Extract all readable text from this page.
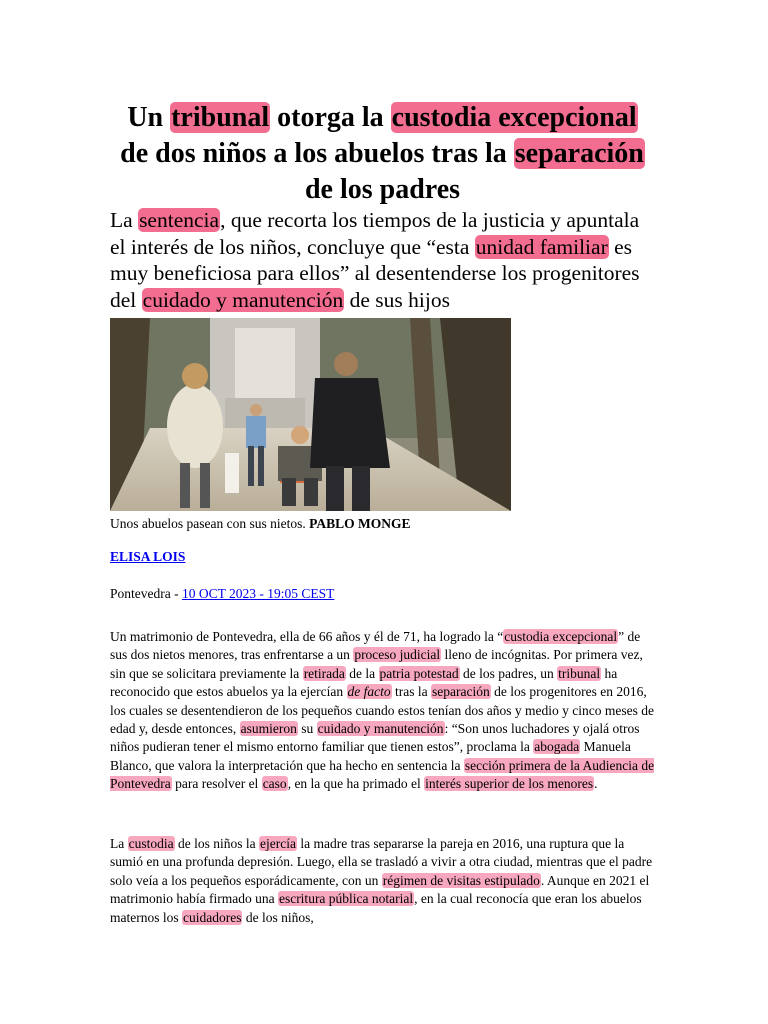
Un tribunal otorga la custodia excepcional de dos niños a los abuelos tras la separación de los padres

La sentencia, que recorta los tiempos de la justicia y apuntala el interés de los niños, concluye que “esta unidad familiar es muy beneficiosa para ellos” al desentenderse los progenitores del cuidado y manutención de sus hijos

Unos abuelos pasean con sus nietos. PABLO MONGE

ELISA LOIS

Pontevedra - 10 OCT 2023 - 19:05 CEST

Un matrimonio de Pontevedra, ella de 66 años y él de 71, ha logrado la “custodia excepcional” de sus dos nietos menores, tras enfrentarse a un proceso judicial lleno de incógnitas. Por primera vez, sin que se solicitara previamente la retirada de la patria potestad de los padres, un tribunal ha reconocido que estos abuelos ya la ejercían de facto tras la separación de los progenitores en 2016, los cuales se desentendieron de los pequeños cuando estos tenían dos años y medio y cinco meses de edad y, desde entonces, asumieron su cuidado y manutención: “Son unos luchadores y ojalá otros niños pudieran tener el mismo entorno familiar que tienen estos”, proclama la abogada Manuela Blanco, que valora la interpretación que ha hecho en sentencia la sección primera de la Audiencia de Pontevedra para resolver el caso, en la que ha primado el interés superior de los menores.

La custodia de los niños la ejercía la madre tras separarse la pareja en 2016, una ruptura que la sumió en una profunda depresión. Luego, ella se trasladó a vivir a otra ciudad, mientras que el padre solo veía a los pequeños esporádicamente, con un régimen de visitas estipulado. Aunque en 2021 el matrimonio había firmado una escritura pública notarial, en la cual reconocía que eran los abuelos maternos los cuidadores de los niños,
